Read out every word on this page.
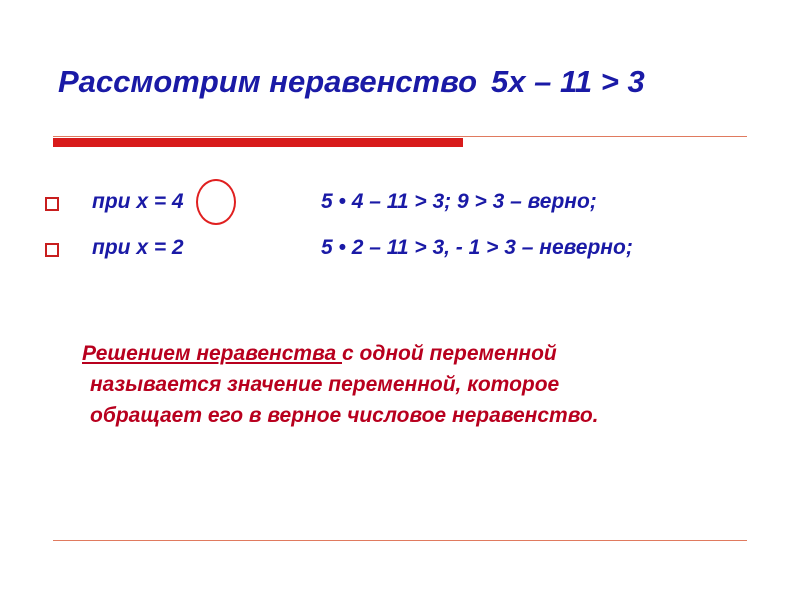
Рассмотрим неравенство 5х – 11 > 3
при х = 4	5 • 4 – 11 > 3; 9 > 3 – верно;
при х = 2	5 • 2 – 11 > 3, - 1 > 3 – неверно;
Решением неравенства с одной переменной
называется значение переменной, которое
обращает его в верное числовое неравенство.
